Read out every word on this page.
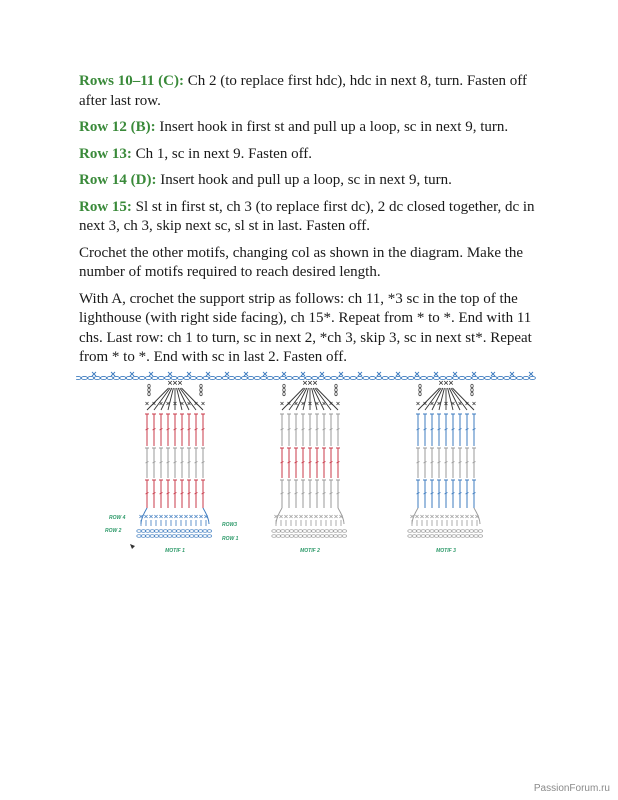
Rows 10–11 (C): Ch 2 (to replace first hdc), hdc in next 8, turn. Fasten off after last row.

Row 12 (B): Insert hook in first st and pull up a loop, sc in next 9, turn.

Row 13: Ch 1, sc in next 9. Fasten off.

Row 14 (D): Insert hook and pull up a loop, sc in next 9, turn.

Row 15: Sl st in first st, ch 3 (to replace first dc), 2 dc closed together, dc in next 3, ch 3, skip next sc, sl st in last. Fasten off.

Crochet the other motifs, changing col as shown in the diagram. Make the number of motifs required to reach desired length.

With A, crochet the support strip as follows: ch 11, *3 sc in the top of the lighthouse (with right side facing), ch 15*. Repeat from * to *. End with 11 chs. Last row: ch 1 to turn, sc in next 2, *ch 3, skip 3, sc in next st*. Repeat from * to *. End with sc in last 2. Fasten off.

ROW 4
ROW 2
ROW3
ROW 1
MOTIF 1	MOTIF 2	MOTIF 3
PassionForum.ru
